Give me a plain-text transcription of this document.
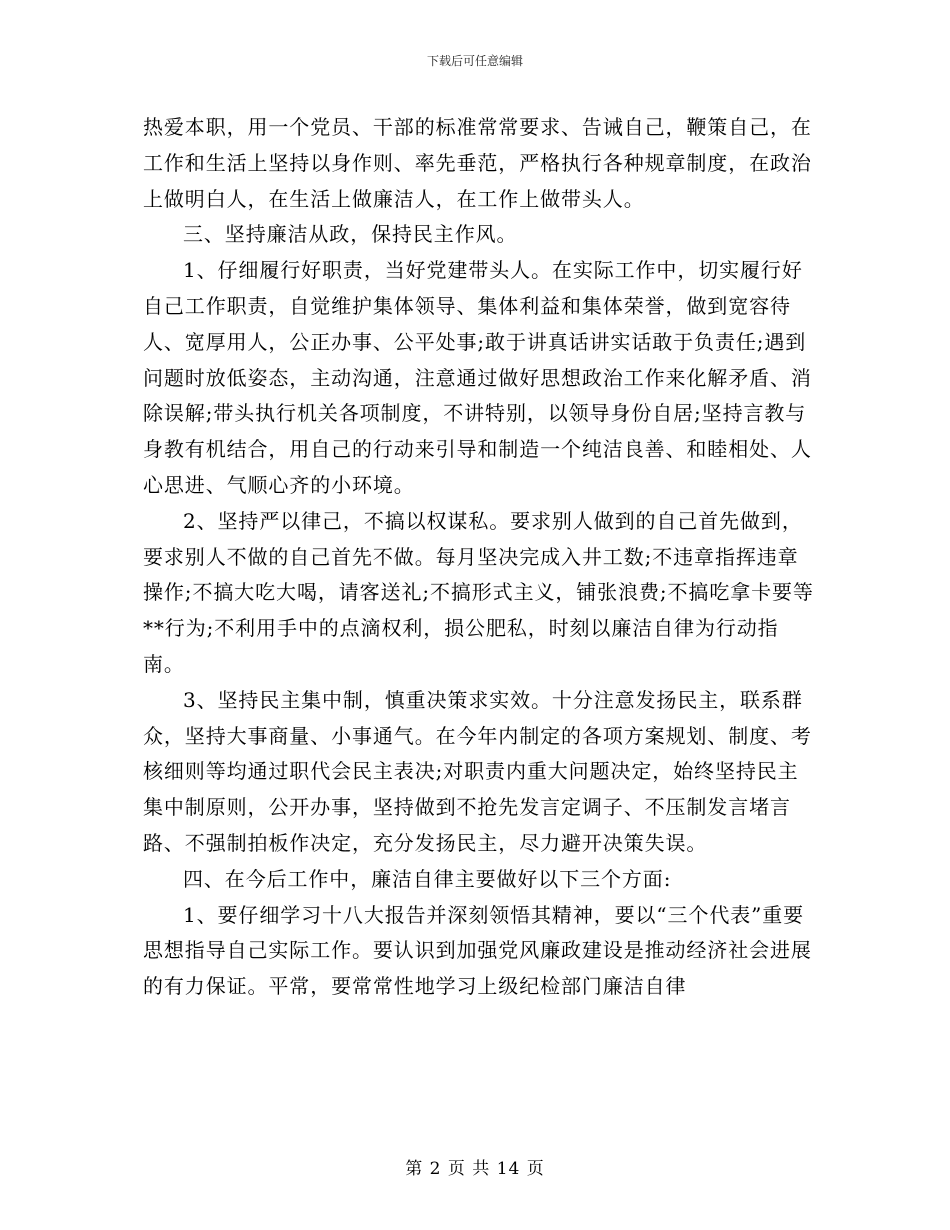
下载后可任意编辑

热爱本职，用一个党员、干部的标准常常要求、告诫自己，鞭策自己，在工作和生活上坚持以身作则、率先垂范，严格执行各种规章制度，在政治上做明白人，在生活上做廉洁人，在工作上做带头人。

三、坚持廉洁从政，保持民主作风。

1、仔细履行好职责，当好党建带头人。在实际工作中，切实履行好自己工作职责，自觉维护集体领导、集体利益和集体荣誉，做到宽容待人、宽厚用人，公正办事、公平处事;敢于讲真话讲实话敢于负责任;遇到问题时放低姿态，主动沟通，注意通过做好思想政治工作来化解矛盾、消除误解;带头执行机关各项制度，不讲特别，以领导身份自居;坚持言教与身教有机结合，用自己的行动来引导和制造一个纯洁良善、和睦相处、人心思进、气顺心齐的小环境。

2、坚持严以律己，不搞以权谋私。要求别人做到的自己首先做到，要求别人不做的自己首先不做。每月坚决完成入井工数;不违章指挥违章操作;不搞大吃大喝，请客送礼;不搞形式主义，铺张浪费;不搞吃拿卡要等**行为;不利用手中的点滴权利，损公肥私，时刻以廉洁自律为行动指南。

3、坚持民主集中制，慎重决策求实效。十分注意发扬民主，联系群众，坚持大事商量、小事通气。在今年内制定的各项方案规划、制度、考核细则等均通过职代会民主表决;对职责内重大问题决定，始终坚持民主集中制原则，公开办事，坚持做到不抢先发言定调子、不压制发言堵言路、不强制拍板作决定，充分发扬民主，尽力避开决策失误。

四、在今后工作中，廉洁自律主要做好以下三个方面:

1、要仔细学习十八大报告并深刻领悟其精神，要以“三个代表”重要思想指导自己实际工作。要认识到加强党风廉政建设是推动经济社会进展的有力保证。平常，要常常性地学习上级纪检部门廉洁自律

第 2 页 共 14 页
